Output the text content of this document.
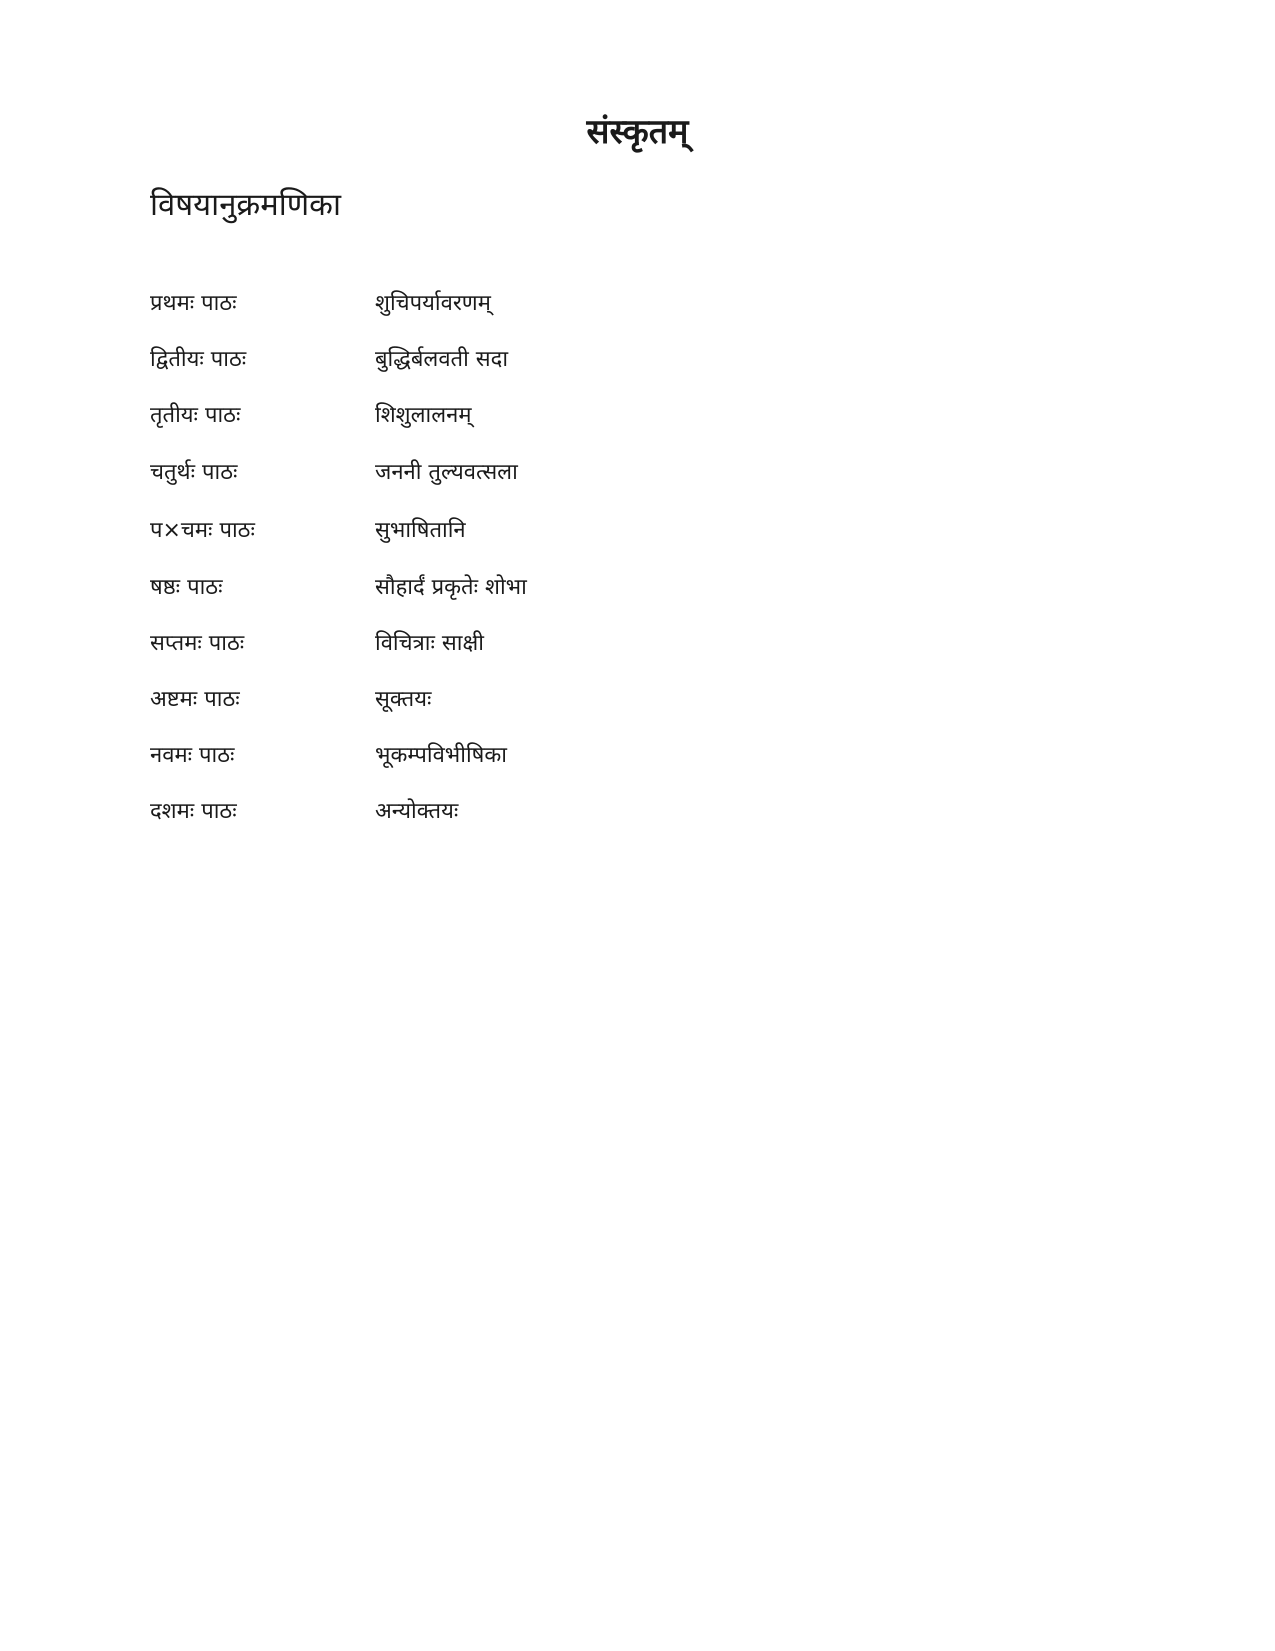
संस्कृतम्
विषयानुक्रमणिका
प्रथमः पाठः	शुचिपर्यावरणम्
द्वितीयः पाठः	बुद्धिर्बलवती सदा
तृतीयः पाठः	शिशुलालनम्
चतुर्थः पाठः	जननी तुल्यवत्सला
प×चमः पाठः	सुभाषितानि
षष्ठः पाठः	सौहार्दं प्रकृतेः शोभा
सप्तमः पाठः	विचित्राः साक्षी
अष्टमः पाठः	सूक्तयः
नवमः पाठः	भूकम्पविभीषिका
दशमः पाठः	अन्योक्तयः
